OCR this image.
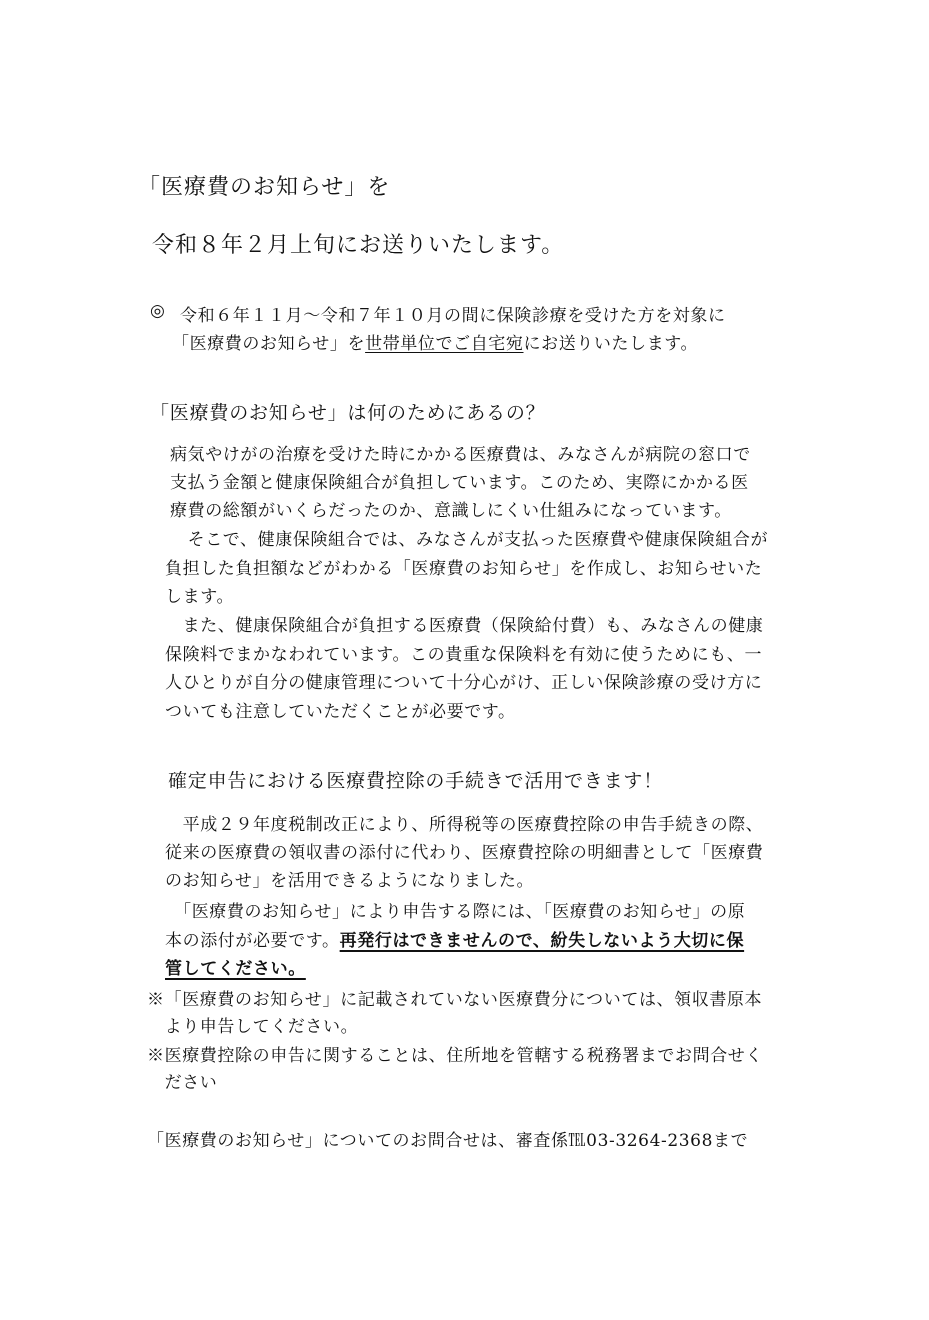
「医療費のお知らせ」を
令和８年２月上旬にお送りいたします。
◎ 令和６年１１月～令和７年１０月の間に保険診療を受けた方を対象に
「医療費のお知らせ」を世帯単位でご自宅宛にお送りいたします。
「医療費のお知らせ」は何のためにあるの？
病気やけがの治療を受けた時にかかる医療費は、みなさんが病院の窓口で
支払う金額と健康保険組合が負担しています。このため、実際にかかる医
療費の総額がいくらだったのか、意識しにくい仕組みになっています。
　そこで、健康保険組合では、みなさんが支払った医療費や健康保険組合が
負担した負担額などがわかる「医療費のお知らせ」を作成し、お知らせいた
します。
　また、健康保険組合が負担する医療費（保険給付費）も、みなさんの健康
保険料でまかなわれています。この貴重な保険料を有効に使うためにも、一
人ひとりが自分の健康管理について十分心がけ、正しい保険診療の受け方に
ついても注意していただくことが必要です。
確定申告における医療費控除の手続きで活用できます！
　平成２９年度税制改正により、所得税等の医療費控除の申告手続きの際、
従来の医療費の領収書の添付に代わり、医療費控除の明細書として「医療費
のお知らせ」を活用できるようになりました。
　「医療費のお知らせ」により申告する際には、「医療費のお知らせ」の原
本の添付が必要です。再発行はできませんので、紛失しないよう大切に保
管してください。
※「医療費のお知らせ」に記載されていない医療費分については、領収書原本
　より申告してください。
※医療費控除の申告に関することは、住所地を管轄する税務署までお問合せく
　ださい
「医療費のお知らせ」についてのお問合せは、審査係℡03-3264-2368まで
